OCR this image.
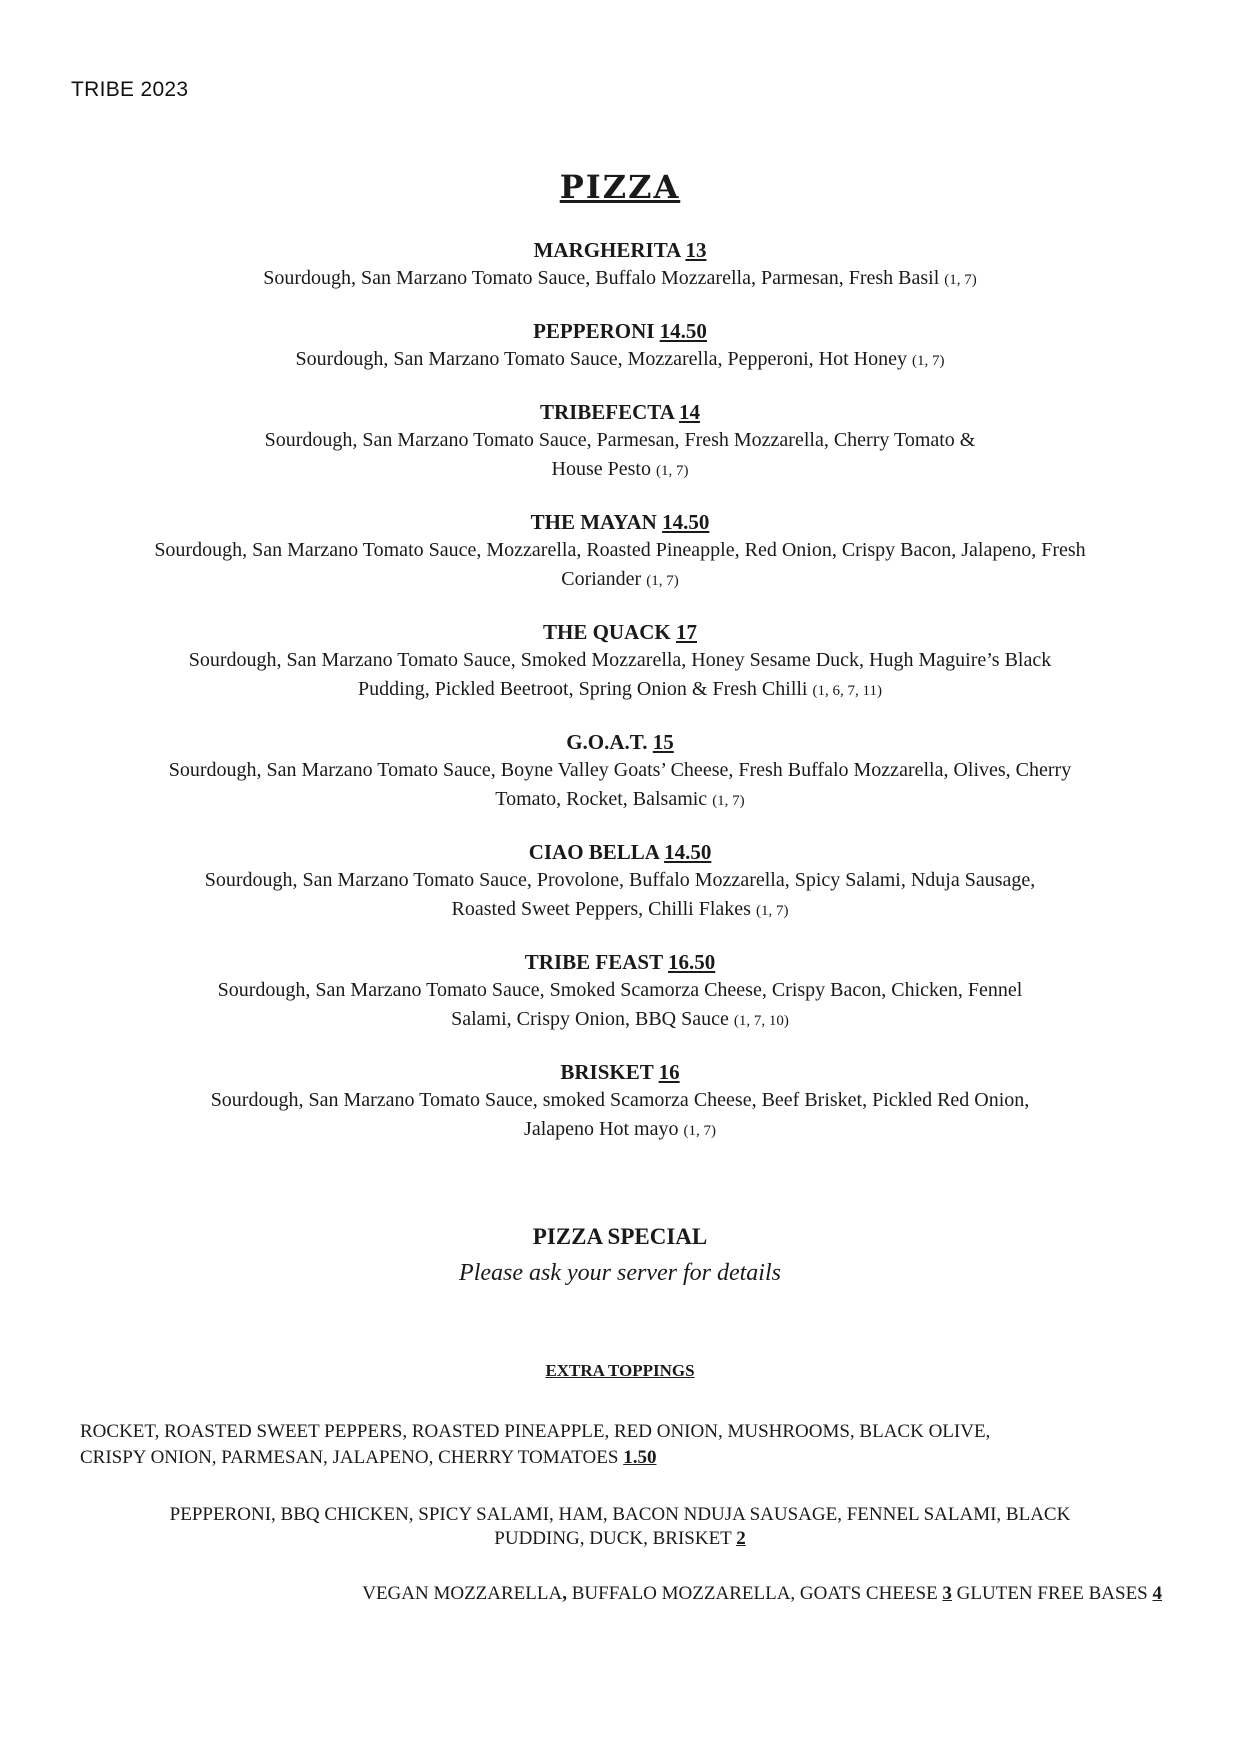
TRIBE 2023
PIZZA
MARGHERITA 13
Sourdough, San Marzano Tomato Sauce, Buffalo Mozzarella, Parmesan, Fresh Basil (1, 7)
PEPPERONI 14.50
Sourdough, San Marzano Tomato Sauce, Mozzarella, Pepperoni, Hot Honey (1, 7)
TRIBEFECTA 14
Sourdough, San Marzano Tomato Sauce, Parmesan, Fresh Mozzarella, Cherry Tomato &
House Pesto (1, 7)
THE MAYAN 14.50
Sourdough, San Marzano Tomato Sauce, Mozzarella, Roasted Pineapple, Red Onion, Crispy Bacon, Jalapeno, Fresh
Coriander (1, 7)
THE QUACK 17
Sourdough, San Marzano Tomato Sauce, Smoked Mozzarella, Honey Sesame Duck, Hugh Maguire’s Black
Pudding, Pickled Beetroot, Spring Onion & Fresh Chilli (1, 6, 7, 11)
G.O.A.T. 15
Sourdough, San Marzano Tomato Sauce, Boyne Valley Goats’ Cheese, Fresh Buffalo Mozzarella, Olives, Cherry
Tomato, Rocket, Balsamic (1, 7)
CIAO BELLA 14.50
Sourdough, San Marzano Tomato Sauce, Provolone, Buffalo Mozzarella, Spicy Salami, Nduja Sausage,
Roasted Sweet Peppers, Chilli Flakes (1, 7)
TRIBE FEAST 16.50
Sourdough, San Marzano Tomato Sauce, Smoked Scamorza Cheese, Crispy Bacon, Chicken, Fennel
Salami, Crispy Onion, BBQ Sauce (1, 7, 10)
BRISKET 16
Sourdough, San Marzano Tomato Sauce, smoked Scamorza Cheese, Beef Brisket, Pickled Red Onion,
Jalapeno Hot mayo (1, 7)
PIZZA SPECIAL
Please ask your server for details
EXTRA TOPPINGS
ROCKET, ROASTED SWEET PEPPERS, ROASTED PINEAPPLE, RED ONION, MUSHROOMS, BLACK OLIVE,
CRISPY ONION, PARMESAN, JALAPENO, CHERRY TOMATOES 1.50
PEPPERONI, BBQ CHICKEN, SPICY SALAMI, HAM, BACON NDUJA SAUSAGE, FENNEL SALAMI, BLACK
PUDDING, DUCK, BRISKET 2
VEGAN MOZZARELLA, BUFFALO MOZZARELLA, GOATS CHEESE 3 GLUTEN FREE BASES 4
